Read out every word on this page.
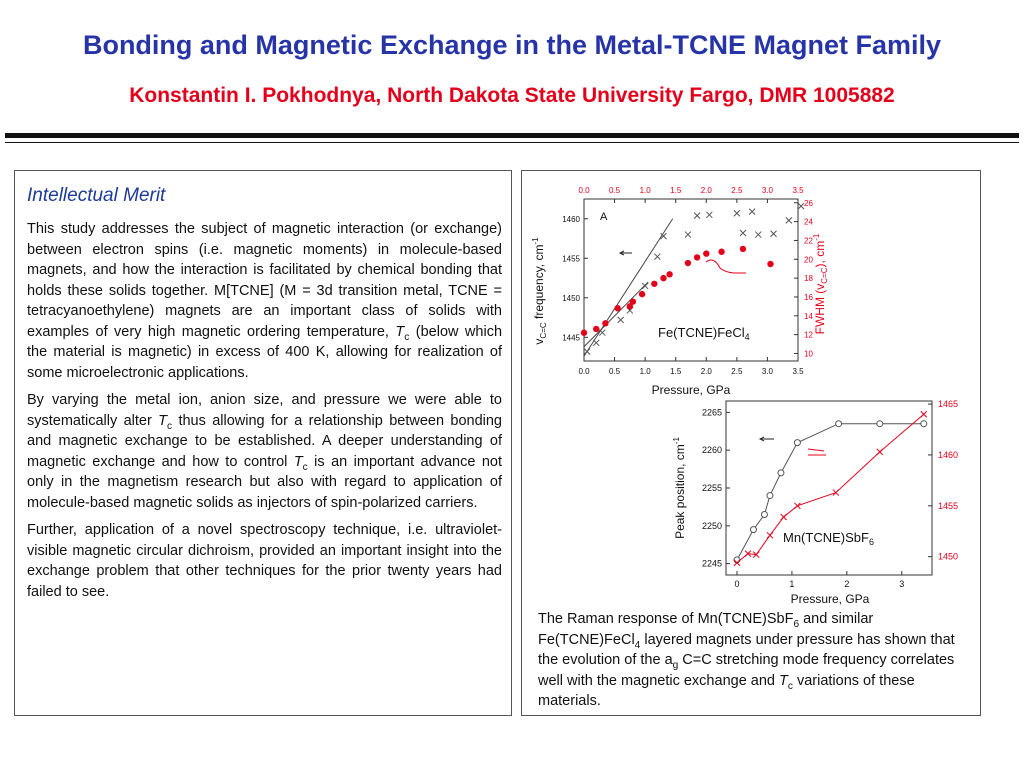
Bonding and Magnetic Exchange in the Metal-TCNE Magnet Family
Konstantin I. Pokhodnya, North Dakota State University Fargo, DMR 1005882
Intellectual Merit

This study addresses the subject of magnetic interaction (or exchange) between electron spins (i.e. magnetic moments) in molecule-based magnets, and how the interaction is facilitated by chemical bonding that holds these solids together. M[TCNE] (M = 3d transition metal, TCNE = tetracyanoethylene) magnets are an important class of solids with examples of very high magnetic ordering temperature, $T_c$ (below which the material is magnetic) in excess of 400 K, allowing for realization of some microelectronic applications.

By varying the metal ion, anion size, and pressure we were able to systematically alter $T_c$ thus allowing for a relationship between bonding and magnetic exchange to be established. A deeper understanding of magnetic exchange and how to control $T_c$ is an important advance not only in the magnetism research but also with regard to application of molecule-based magnetic solids as injectors of spin-polarized carriers.

Further, application of a novel spectroscopy technique, i.e. ultraviolet-visible magnetic circular dichroism, provided an important insight into the exchange problem that other techniques for the prior twenty years had failed to see.

A
Fe(TCNE)FeCl$_4$
Pressure, GPa
$v_{C=C}$ frequency, $cm^{-1}$
FWHM $(v_{C=C})$, $cm^{-1}$
0.0
0.0
0.5
0.5
1.0
1.0
1.5
1.5
2.0
2.0
2.5
2.5
3.0
3.0
3.5
3.5
1445
1450
1455
1460
10
12
14
16
18
20
22
24
26
Mn(TCNE)SbF$_6$
Pressure, GPa
Peak position, $cm^{-1}$
0	1	2	3
2245
2250
2255
2260
2265
1450
1455
1460
1465

The Raman response of Mn(TCNE)SbF$_6$ and similar Fe(TCNE)FeCl$_4$ layered magnets under pressure has shown that the evolution of the $a_g$ C=C stretching mode frequency correlates well with the magnetic exchange and $T_c$ variations of these materials.
